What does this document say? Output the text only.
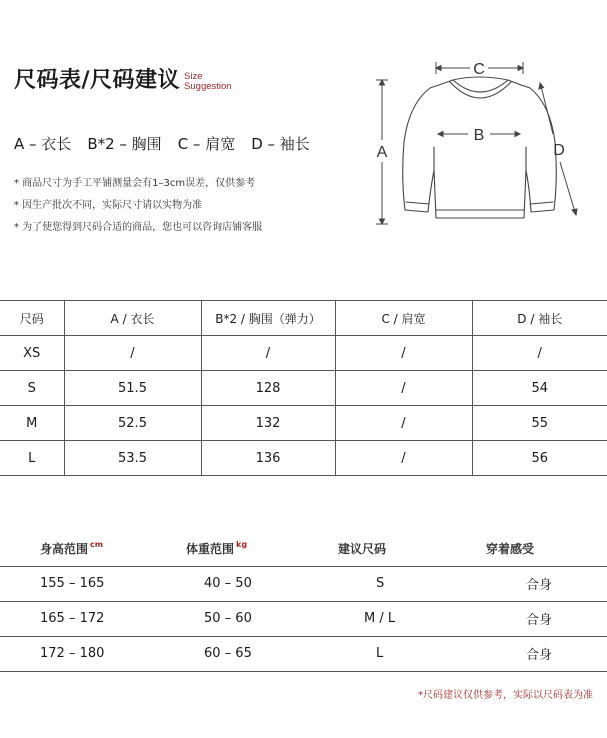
尺码表/尺码建议 Size
Suggestion
A – 衣长 B*2 – 胸围 C – 肩宽 D – 袖长
* 商品尺寸为手工平铺测量会有1–3cm误差，仅供参考
* 因生产批次不同，实际尺寸请以实物为准
* 为了使您得到尺码合适的商品，您也可以咨询店铺客服
C
A
B
D
尺码	A / 衣长	B*2 / 胸围（弹力）	C / 肩宽	D / 袖长
XS	/	/	/	/
S	51.5	128	/	54
M	52.5	132	/	55
L	53.5	136	/	56
身高范围 $^{cm}$	体重范围 $^{kg}$	建议尺码	穿着感受
155 – 165	40 – 50	S	合身
165 – 172	50 – 60	M / L	合身
172 – 180	60 – 65	L	合身
*尺码建议仅供参考，实际以尺码表为准
